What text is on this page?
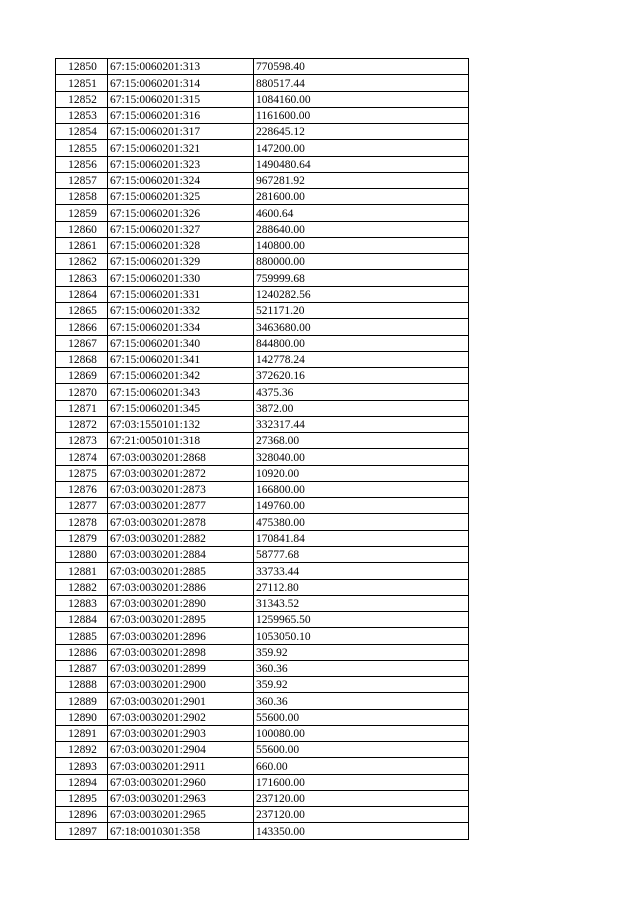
12850	67:15:0060201:313	770598.40
12851	67:15:0060201:314	880517.44
12852	67:15:0060201:315	1084160.00
12853	67:15:0060201:316	1161600.00
12854	67:15:0060201:317	228645.12
12855	67:15:0060201:321	147200.00
12856	67:15:0060201:323	1490480.64
12857	67:15:0060201:324	967281.92
12858	67:15:0060201:325	281600.00
12859	67:15:0060201:326	4600.64
12860	67:15:0060201:327	288640.00
12861	67:15:0060201:328	140800.00
12862	67:15:0060201:329	880000.00
12863	67:15:0060201:330	759999.68
12864	67:15:0060201:331	1240282.56
12865	67:15:0060201:332	521171.20
12866	67:15:0060201:334	3463680.00
12867	67:15:0060201:340	844800.00
12868	67:15:0060201:341	142778.24
12869	67:15:0060201:342	372620.16
12870	67:15:0060201:343	4375.36
12871	67:15:0060201:345	3872.00
12872	67:03:1550101:132	332317.44
12873	67:21:0050101:318	27368.00
12874	67:03:0030201:2868	328040.00
12875	67:03:0030201:2872	10920.00
12876	67:03:0030201:2873	166800.00
12877	67:03:0030201:2877	149760.00
12878	67:03:0030201:2878	475380.00
12879	67:03:0030201:2882	170841.84
12880	67:03:0030201:2884	58777.68
12881	67:03:0030201:2885	33733.44
12882	67:03:0030201:2886	27112.80
12883	67:03:0030201:2890	31343.52
12884	67:03:0030201:2895	1259965.50
12885	67:03:0030201:2896	1053050.10
12886	67:03:0030201:2898	359.92
12887	67:03:0030201:2899	360.36
12888	67:03:0030201:2900	359.92
12889	67:03:0030201:2901	360.36
12890	67:03:0030201:2902	55600.00
12891	67:03:0030201:2903	100080.00
12892	67:03:0030201:2904	55600.00
12893	67:03:0030201:2911	660.00
12894	67:03:0030201:2960	171600.00
12895	67:03:0030201:2963	237120.00
12896	67:03:0030201:2965	237120.00
12897	67:18:0010301:358	143350.00
